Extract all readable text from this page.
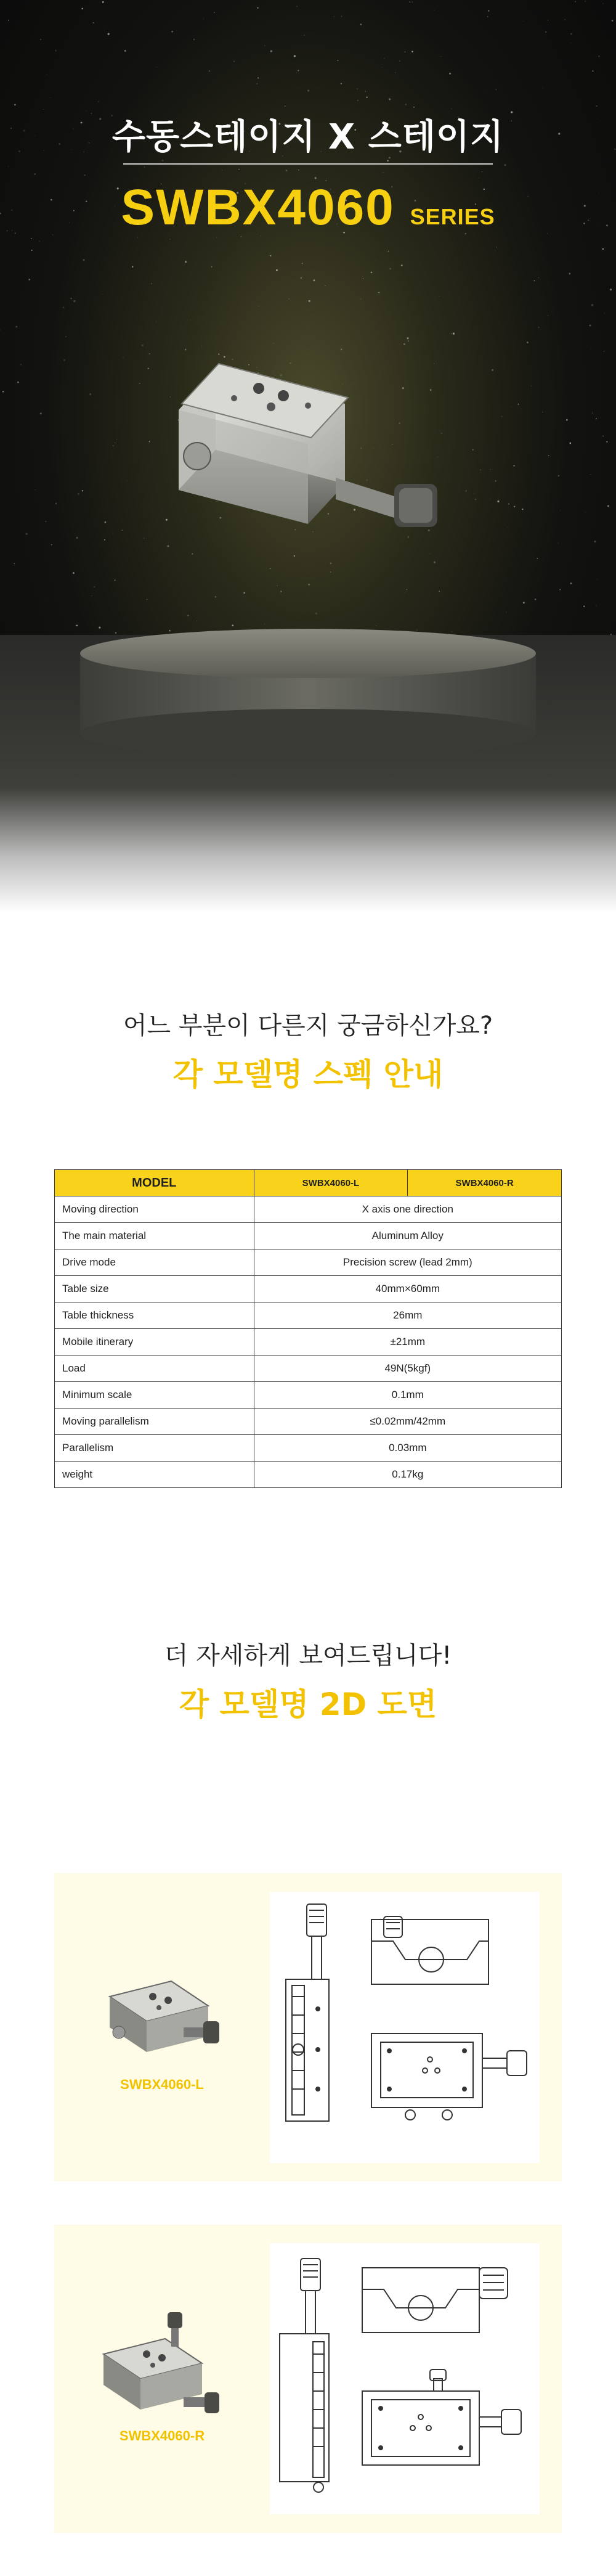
수동스테이지 X 스테이지
SWBX4060 SERIES
어느 부분이 다른지 궁금하신가요?
각 모델명 스펙 안내
MODEL	SWBX4060-L	SWBX4060-R
Moving direction	X axis one direction	
The main material	Aluminum Alloy	
Drive mode	Precision screw (lead 2mm)	
Table size	40mm×60mm	
Table thickness	26mm	
Mobile itinerary	±21mm	
Load	49N(5kgf)	
Minimum scale	0.1mm	
Moving parallelism	≤0.02mm/42mm	
Parallelism	0.03mm	
weight	0.17kg	
더 자세하게 보여드립니다!
각 모델명 2D 도면
SWBX4060-L
SWBX4060-R
